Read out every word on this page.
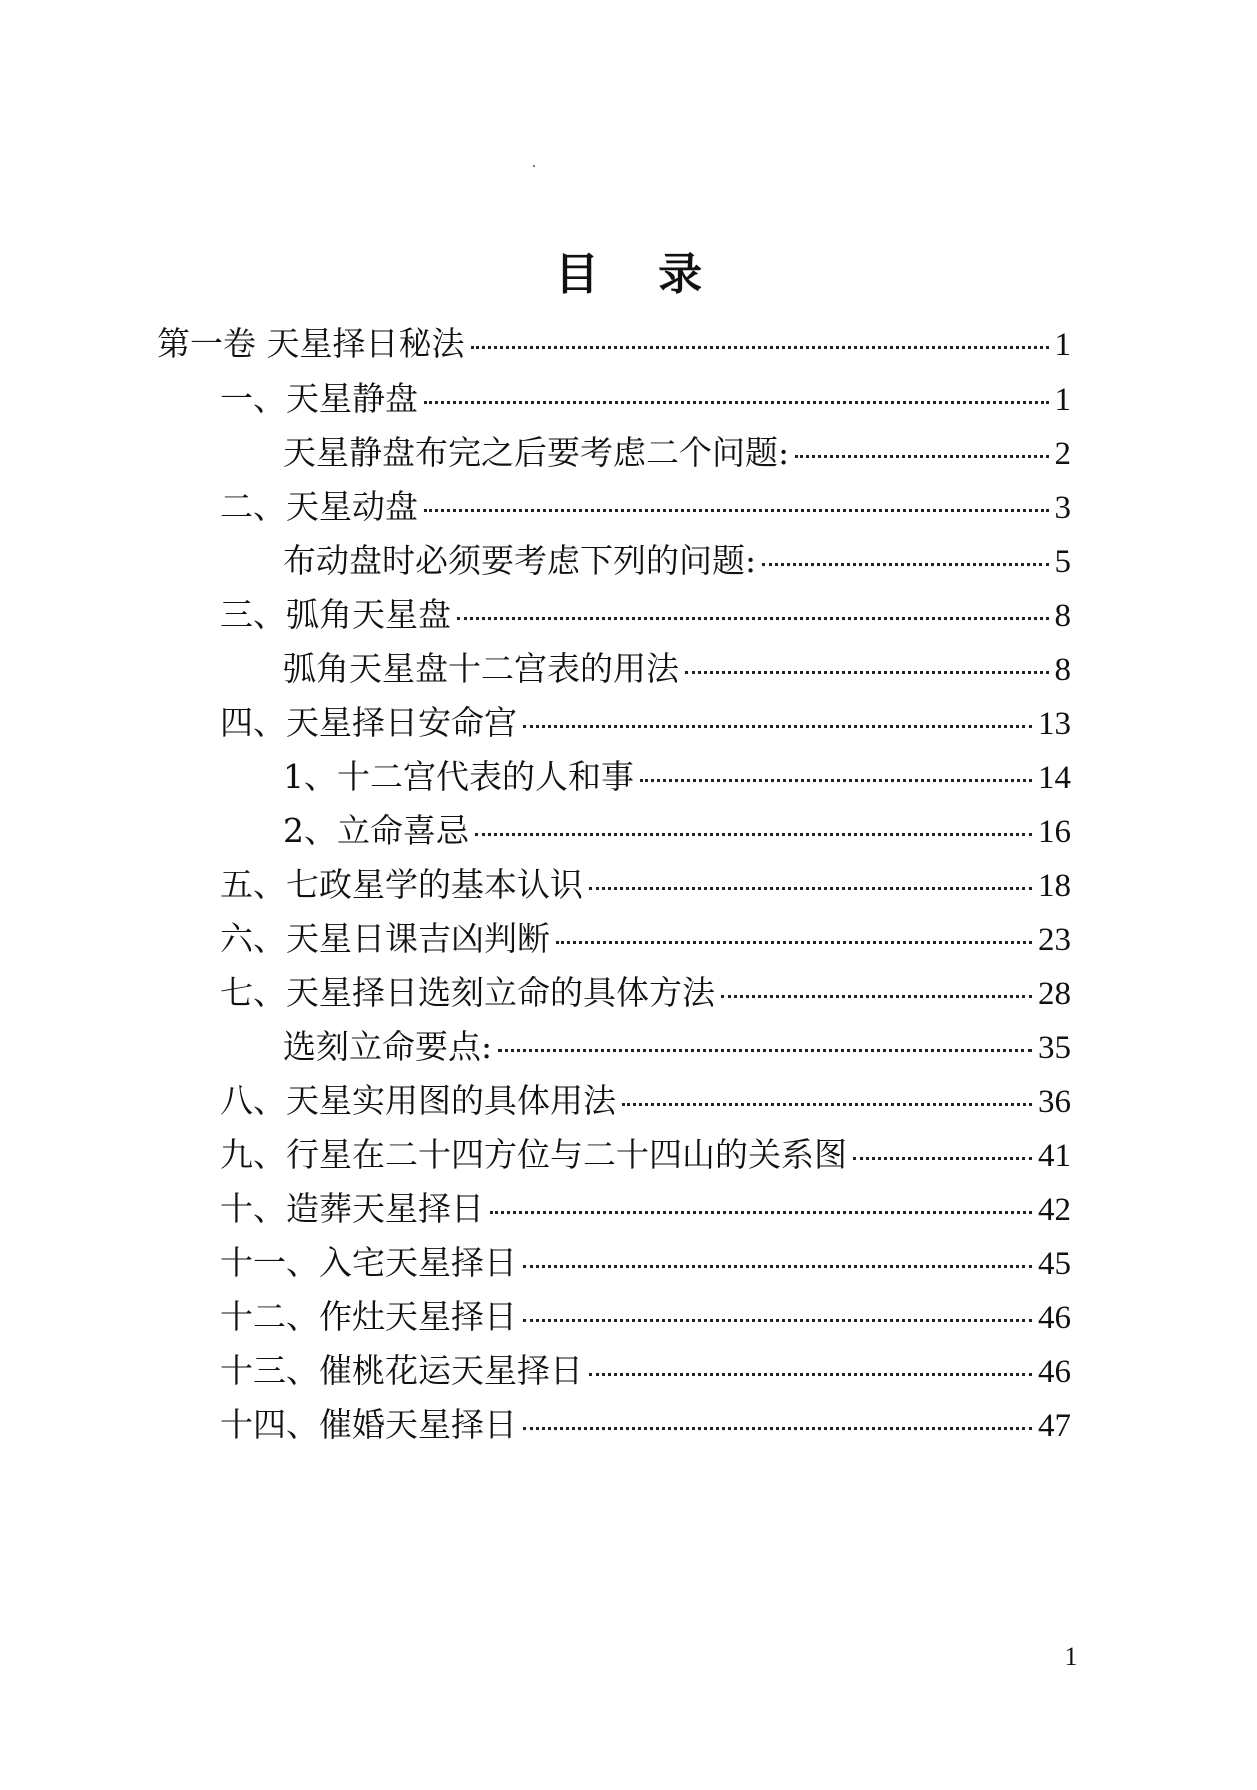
目 录
第一卷 天星择日秘法	1
一、天星静盘	1
天星静盘布完之后要考虑二个问题:	2
二、天星动盘	3
布动盘时必须要考虑下列的问题:	5
三、弧角天星盘	8
弧角天星盘十二宫表的用法	8
四、天星择日安命宫	13
1、十二宫代表的人和事	14
2、立命喜忌	16
五、七政星学的基本认识	18
六、天星日课吉凶判断	23
七、天星择日选刻立命的具体方法	28
选刻立命要点:	35
八、天星实用图的具体用法	36
九、行星在二十四方位与二十四山的关系图	41
十、造葬天星择日	42
十一、入宅天星择日	45
十二、作灶天星择日	46
十三、催桃花运天星择日	46
十四、催婚天星择日	47
1
